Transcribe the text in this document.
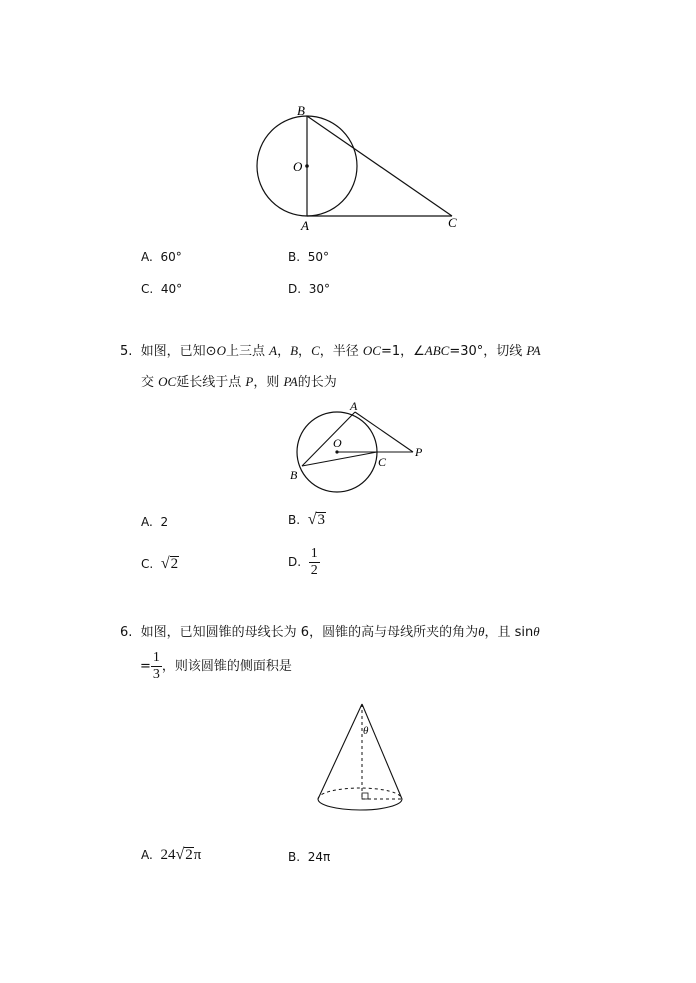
B
O
A	C
A. 60°	B. 50°
C. 40°	D. 30°
5. 如图，已知⊙O上三点 A，B，C，半径 OC=1，∠ABC=30°，切线 PA
交 OC延长线于点 P，则 PA的长为
A
O
C
P
B
A. 2	B. √3
C. √2	D. $\frac{1}{2}$
6. 如图，已知圆锥的母线长为 6，圆锥的高与母线所夹的角为θ，且 sinθ
= $\frac{1}{3}$ ，则该圆锥的侧面积是
θ
A. 24√2π	B. 24π
